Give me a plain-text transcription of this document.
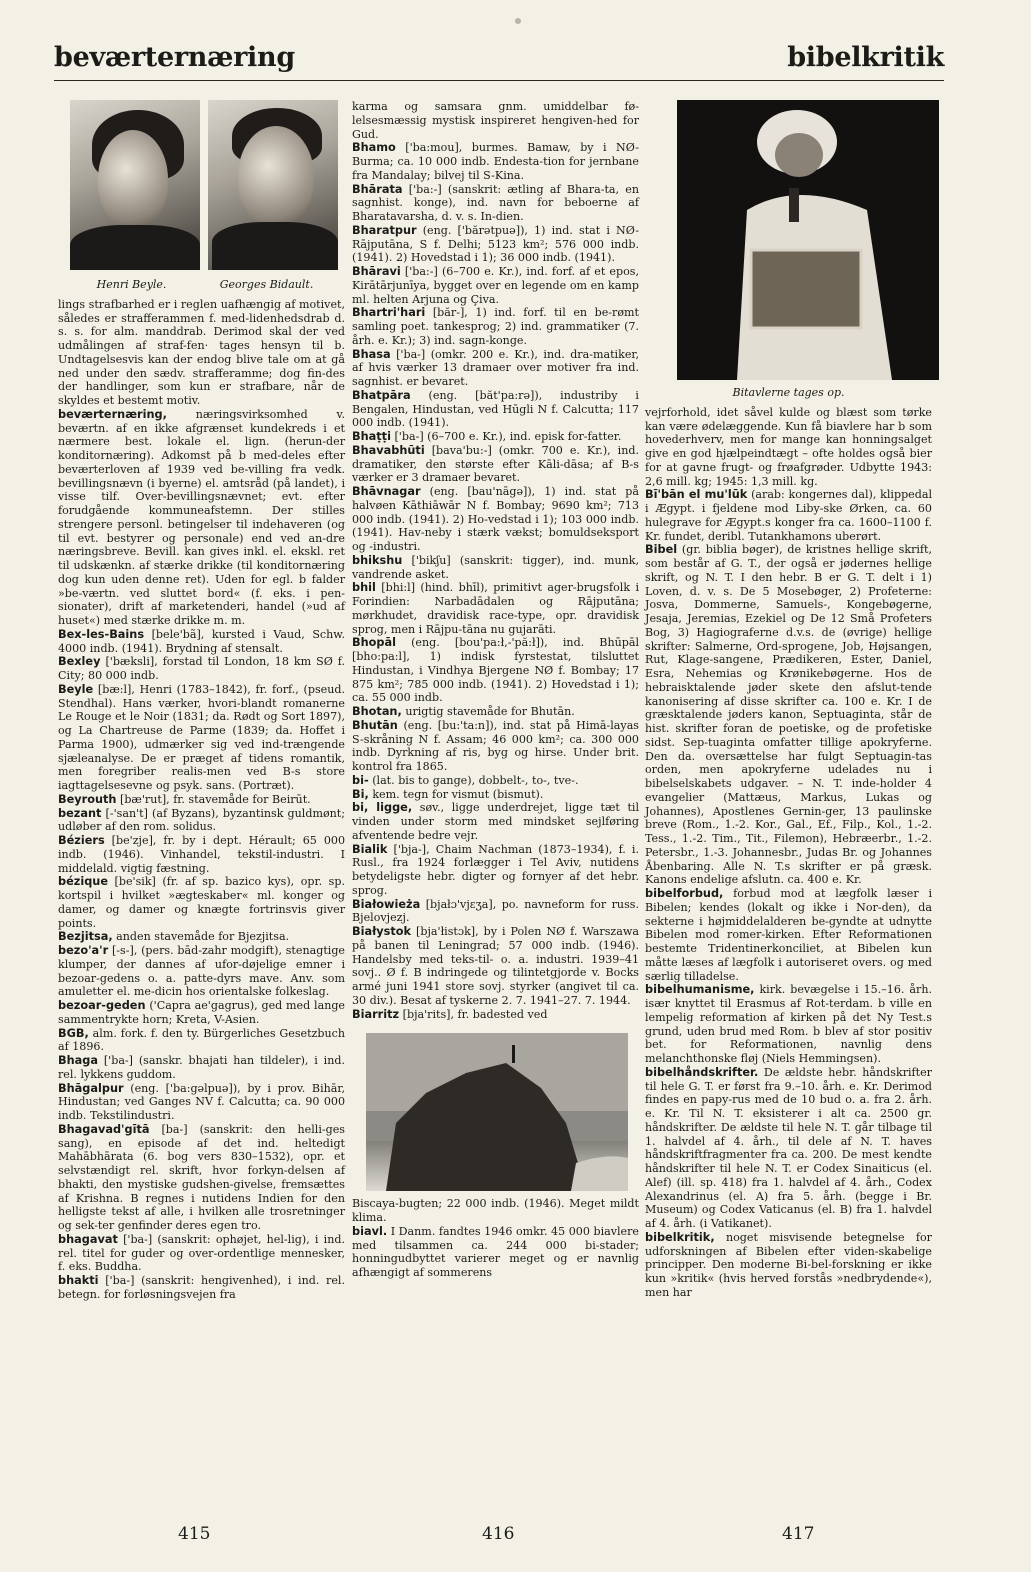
beværternæring	bibelkritik
Henri Beyle.	Georges Bidault.

lings strafbarhed er i reglen uafhængig af motivet, således er strafferammen f. med-lidenhedsdrab d. s. s. for alm. manddrab. Derimod skal der ved udmålingen af straf-fen· tages hensyn til b. Undtagelsesvis kan der endog blive tale om at gå ned under den sædv. strafferamme; dog fin-des der handlinger, som kun er strafbare, når de skyldes et bestemt motiv.

beværternæring,	næringsvirksomhed v. beværtn. af en ikke afgrænset kundekreds i et nærmere best. lokale el. lign. (herun-der konditornæring). Adkomst på b med-deles efter beværterloven af 1939 ved be-villing fra vedk. bevillingsnævn (i byerne) el. amtsråd (på landet), i visse tilf. Over-bevillingsnævnet; evt. efter forudgående kommuneafstemn. Der stilles strengere personl. betingelser til indehaveren (og til evt. bestyrer og personale) end ved an-dre næringsbreve. Bevill. kan gives inkl. el. ekskl. ret til udskænkn. af stærke drikke (til konditornæring dog kun uden denne ret). Uden for egl. b falder »be-værtn. ved sluttet bord« (f. eks. i pen-sionater), drift af marketenderi, handel (»ud af huset«) med stærke drikke m. m.

Bex-les-Bains [bele'bã], kursted i Vaud, Schw. 4000 indb. (1941). Brydning af stensalt.

Bexley ['bæksli], forstad til London, 18 km SØ f. City; 80 000 indb.

Beyle [bæ:l], Henri (1783–1842), fr. forf., (pseud. Stendhal). Hans værker, hvori-blandt romanerne Le Rouge et le Noir (1831; da. Rødt og Sort 1897), og La Chartreuse de Parme (1839; da. Hoffet i Parma 1900), udmærker sig ved ind-trængende sjæleanalyse. De er præget af tidens romantik, men foregriber realis-men ved B-s store iagttagelsesevne og psyk. sans. (Portræt).

Beyrouth [bæ'rut], fr. stavemåde for Beirūt.

bezant [-'san't] (af Byzans), byzantinsk guldmønt; udløber af den rom. solidus.

Béziers [be'zje], fr. by i dept. Hérault; 65 000 indb. (1946). Vinhandel, tekstil-industri. I middelald. vigtig fæstning.

bézique [be'sik] (fr. af sp. bazico kys), opr. sp. kortspil i hvilket »ægteskaber« ml. konger og damer, og damer og knægte fortrinsvis giver points.

Bezjitsa, anden stavemåde for Bjezjitsa.

bezo'a'r [-s-], (pers. bād-zahr modgift), stenagtige klumper, der dannes af ufor-døjelige emner i bezoar-gedens o. a. patte-dyrs mave. Anv. som amuletter el. me-dicin hos orientalske folkeslag.

bezoar-geden ('Capra ae'gagrus), ged med lange sammentrykte horn; Kreta, V-Asien.

BGB, alm. fork. f. den ty. Bürgerliches Gesetzbuch af 1896.

Bhaga ['ba-] (sanskr. bhajati han tildeler), i ind. rel. lykkens guddom.

Bhāgalpur (eng. ['ba:gəlpuə]), by i prov. Bihār, Hindustan; ved Ganges NV f. Calcutta; ca. 90 000 indb. Tekstilindustri.

Bhagavad'gītā [ba-] (sanskrit: den helli-ges sang), en episode af det ind. heltedigt Mahābhārata (6. bog vers 830–1532), opr. et selvstændigt rel. skrift, hvor forkyn-delsen af bhakti, den mystiske gudshen-givelse, fremsættes af Krishna. B regnes i nutidens Indien for den helligste tekst af alle, i hvilken alle trosretninger og sek-ter genfinder deres egen tro.

bhagavat ['ba-] (sanskrit: ophøjet, hel-lig), i ind. rel. titel for guder og over-ordentlige mennesker, f. eks. Buddha.

bhakti ['ba-] (sanskrit: hengivenhed), i ind. rel. betegn. for forløsningsvejen fra

karma og samsara gnm. umiddelbar fø-lelsesmæssig mystisk inspireret hengiven-hed for Gud.

Bhamo ['ba:mou], burmes. Bamaw, by i NØ-Burma; ca. 10 000 indb. Endesta-tion for jernbane fra Mandalay; bilvej til S-Kina.

Bhārata ['ba:-] (sanskrit: ætling af Bhara-ta, en sagnhist. konge), ind. navn for beboerne af Bharatavarsha, d. v. s. In-dien.

Bharatpur (eng. ['bărətpuə]), 1) ind. stat i NØ-Rājputāna, S f. Delhi; 5123 km²; 576 000 indb. (1941). 2) Hovedstad i 1); 36 000 indb. (1941).

Bhāravi ['ba:-] (6–700 e. Kr.), ind. forf. af et epos, Kirātārjunīya, bygget over en legende om en kamp ml. helten Arjuna og Çiva.

Bhartri'hari [băr-], 1) ind. forf. til en be-rømt samling poet. tankesprog; 2) ind. grammatiker (7. årh. e. Kr.); 3) ind. sagn-konge.

Bhasa ['ba-] (omkr. 200 e. Kr.), ind. dra-matiker, af hvis værker 13 dramaer over motiver fra ind. sagnhist. er bevaret.

Bhatpāra (eng. [băt'pa:rə]), industriby i Bengalen, Hindustan, ved Hūgli N f. Calcutta; 117 000 indb. (1941).

Bhaṭṭi ['ba-] (6–700 e. Kr.), ind. episk for-fatter.

Bhavabhūti [bava'bu:-] (omkr. 700 e. Kr.), ind. dramatiker, den største efter Kāli-dāsa; af B-s værker er 3 dramaer bevaret.

Bhāvnagar (eng. [bau'nāgə]), 1) ind. stat på halvøen Kāthiāwār N f. Bombay; 9690 km²; 713 000 indb. (1941). 2) Ho-vedstad i 1); 103 000 indb. (1941). Hav-neby i stærk vækst; bomuldseksport og -industri.

bhikshu ['bikʃu] (sanskrit: tigger), ind. munk, vandrende asket.

bhil [bhi:l] (hind. bhīl), primitivt ager-brugsfolk i Forindien: Narbadādalen og Rājputāna; mørkhudet, dravidisk race-type, opr. dravidisk sprog, men i Rājpu-tāna nu gujarāti.

Bhopāl (eng. [bou'pa:ł,-'pă:ł]), ind. Bhūpāl [bho:pa:l], 1) indisk fyrstestat, tilsluttet Hindustan, i Vindhya Bjergene NØ f. Bombay; 17 875 km²; 785 000 indb. (1941). 2) Hovedstad i 1); ca. 55 000 indb.

Bhotan, urigtig stavemåde for Bhutān.

Bhutān (eng. [bu:'ta:n]), ind. stat på Himā-layas S-skråning N f. Assam; 46 000 km²; ca. 300 000 indb. Dyrkning af ris, byg og hirse. Under brit. kontrol fra 1865.

bi- (lat. bis to gange), dobbelt-, to-, tve-.

Bi, kem. tegn for vismut (bismut).

bi, ligge, søv., ligge underdrejet, ligge tæt til vinden under storm med mindsket sejlføring afventende bedre vejr.

Bialik ['bja-], Chaim Nachman (1873–1934), f. i. Rusl., fra 1924 forlægger i Tel Aviv, nutidens betydeligste hebr. digter og fornyer af det hebr. sprog.

Białowieża [bjałɔ'vjɛʒa], po. navneform for russ. Bjelovjezj.

Białystok [bja'łistɔk], by i Polen NØ f. Warszawa på banen til Leningrad; 57 000 indb. (1946). Handelsby med teks-til- o. a. industri. 1939–41 sovj.. Ø f. B indringede og tilintetgjorde v. Bocks armé juni 1941 store sovj. styrker (angivet til ca. 30 div.). Besat af tyskerne 2. 7. 1941–27. 7. 1944.

Biarritz [bja'rits], fr. badested ved

Biscaya-bugten; 22 000 indb. (1946). Meget mildt klima.

biavl. I Danm. fandtes 1946 omkr. 45 000 biavlere med tilsammen ca. 244 000 bi-stader; honningudbyttet varierer meget og er navnlig afhængigt af sommerens

Bitavlerne tages op.

vejrforhold, idet såvel kulde og blæst som tørke kan være ødelæggende. Kun få biavlere har b som hovederhverv, men for mange kan honningsalget give en god hjælpeindtægt – ofte holdes også bier for at gavne frugt- og frøafgrøder. Udbytte 1943: 2,6 mill. kg; 1945: 1,3 mill. kg.

Bī'bān el mu'lūk (arab: kongernes dal), klippedal i Ægypt. i fjeldene mod Liby-ske Ørken, ca. 60 hulegrave for Ægypt.s konger fra ca. 1600–1100 f. Kr. fundet, deribl. Tutankhamons uberørt.

Bibel (gr. biblia bøger), de kristnes hellige skrift, som består af G. T., der også er jødernes hellige skrift, og N. T. I den hebr. B er G. T. delt i 1) Loven, d. v. s. De 5 Mosebøger, 2) Profeterne: Josva, Dommerne, Samuels-, Kongebøgerne, Jesaja, Jeremias, Ezekiel og De 12 Små Profeters Bog, 3) Hagiograferne d.v.s. de (øvrige) hellige skrifter: Salmerne, Ord-sprogene, Job, Højsangen, Rut, Klage-sangene, Prædikeren, Ester, Daniel, Esra, Nehemias og Krønikebøgerne. Hos de hebraisktalende jøder skete den afslut-tende kanonisering af disse skrifter ca. 100 e. Kr. I de græsktalende jøders kanon, Septuaginta, står de hist. skrifter foran de poetiske, og de profetiske sidst. Sep-tuaginta omfatter tillige apokryferne. Den da. oversættelse har fulgt Septuagin-tas orden, men apokryferne udelades nu i bibelselskabets udgaver. – N. T. inde-holder 4 evangelier (Mattæus, Markus, Lukas og Johannes), Apostlenes Gernin-ger, 13 paulinske breve (Rom., 1.-2. Kor., Gal., Ef., Filp., Kol., 1.-2. Tess., 1.-2. Tim., Tit., Filemon), Hebræerbr., 1.-2. Petersbr., 1.-3. Johannesbr., Judas Br. og Johannes Åbenbaring. Alle N. T.s skrifter er på græsk. Kanons endelige afslutn. ca. 400 e. Kr.

bibelforbud, forbud mod at lægfolk læser i Bibelen; kendes (lokalt og ikke i Nor-den), da sekterne i højmiddelalderen be-gyndte at udnytte Bibelen mod romer-kirken. Efter Reformationen bestemte Tridentinerkonciliet, at Bibelen kun måtte læses af lægfolk i autoriseret overs. og med særlig tilladelse.

bibelhumanisme, kirk. bevægelse i 15.–16. årh. især knyttet til Erasmus af Rot-terdam. b ville en lempelig reformation af kirken på det Ny Test.s grund, uden brud med Rom. b blev af stor positiv bet. for Reformationen, navnlig dens melanchthonske fløj (Niels Hemmingsen).

bibelhåndskrifter. De ældste hebr. håndskrifter til hele G. T. er først fra 9.–10. årh. e. Kr. Derimod findes en papy-rus med de 10 bud o. a. fra 2. årh. e. Kr. Til N. T. eksisterer i alt ca. 2500 gr. håndskrifter. De ældste til hele N. T. går tilbage til 1. halvdel af 4. årh., til dele af N. T. haves håndskriftfragmenter fra ca. 200. De mest kendte håndskrifter til hele N. T. er Codex Sinaiticus (el. Alef) (ill. sp. 418) fra 1. halvdel af 4. årh., Codex Alexandrinus (el. A) fra 5. årh. (begge i Br. Museum) og Codex Vaticanus (el. B) fra 1. halvdel af 4. årh. (i Vatikanet).

bibelkritik, noget misvisende betegnelse for udforskningen af Bibelen efter viden-skabelige principper. Den moderne Bi-bel-forskning er ikke kun »kritik« (hvis herved forstås »nedbrydende«), men har

415	416	417
